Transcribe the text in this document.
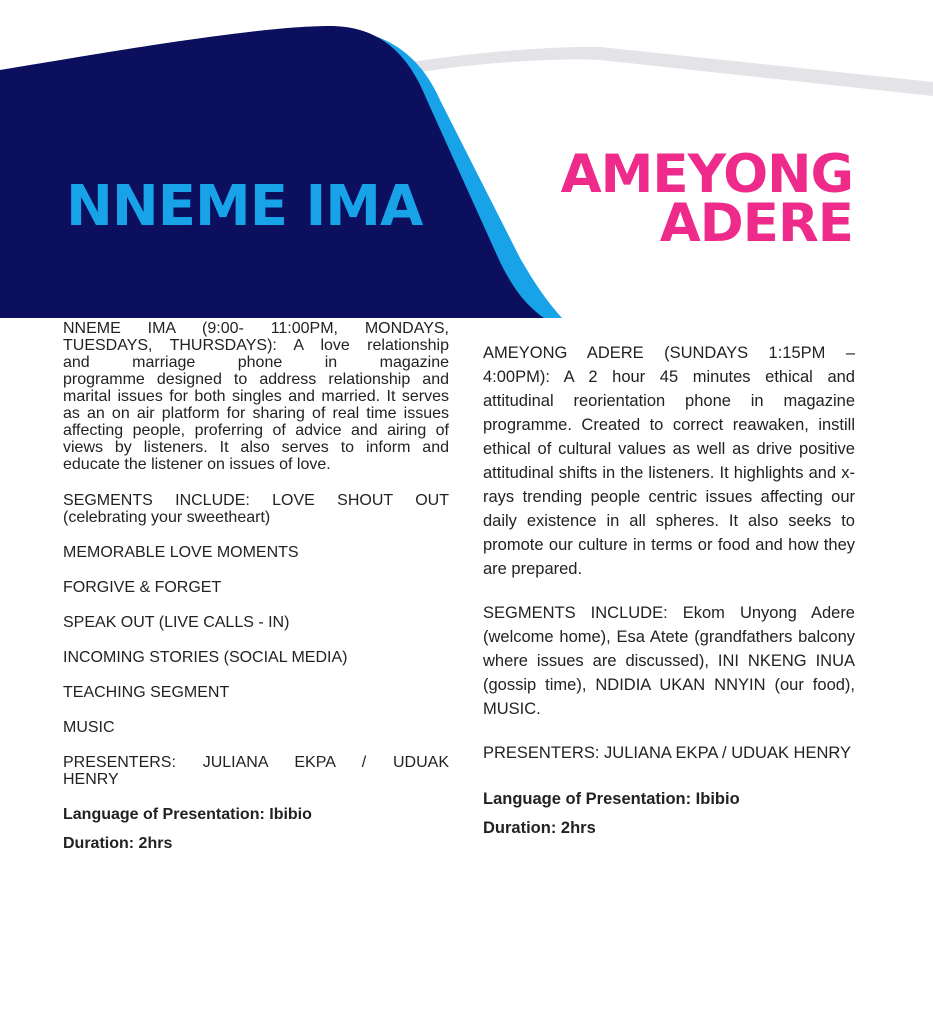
NNEME IMA	AMEYONG
ADERE

NNEME IMA (9:00- 11:00PM, MONDAYS,

TUESDAYS, THURSDAYS): A love relationship

and marriage phone in magazine

programme designed to address relationship and marital issues for both singles and married. It serves as an on air platform for sharing of real time issues affecting people, proferring of advice and airing of views by listeners. It also serves to inform and educate the listener on issues of love.

SEGMENTS INCLUDE: LOVE SHOUT OUT

(celebrating your sweetheart)

MEMORABLE LOVE MOMENTS

FORGIVE & FORGET

SPEAK OUT (LIVE CALLS - IN)

INCOMING STORIES (SOCIAL MEDIA)

TEACHING SEGMENT

MUSIC

PRESENTERS: JULIANA EKPA / UDUAK

HENRY

Language of Presentation: Ibibio

Duration: 2hrs

AMEYONG ADERE (SUNDAYS 1:15PM – 4:00PM): A 2 hour 45 minutes ethical and attitudinal reorientation phone in magazine programme. Created to correct reawaken, instill ethical of cultural values as well as drive positive attitudinal shifts in the listeners. It highlights and x-rays trending people centric issues affecting our daily existence in all spheres. It also seeks to promote our culture in terms or food and how they are prepared.

SEGMENTS INCLUDE: Ekom Unyong Adere (welcome home), Esa Atete (grandfathers balcony where issues are discussed), INI NKENG INUA (gossip time), NDIDIA UKAN NNYIN (our food), MUSIC.

PRESENTERS: JULIANA EKPA / UDUAK HENRY

Language of Presentation: Ibibio

Duration: 2hrs
